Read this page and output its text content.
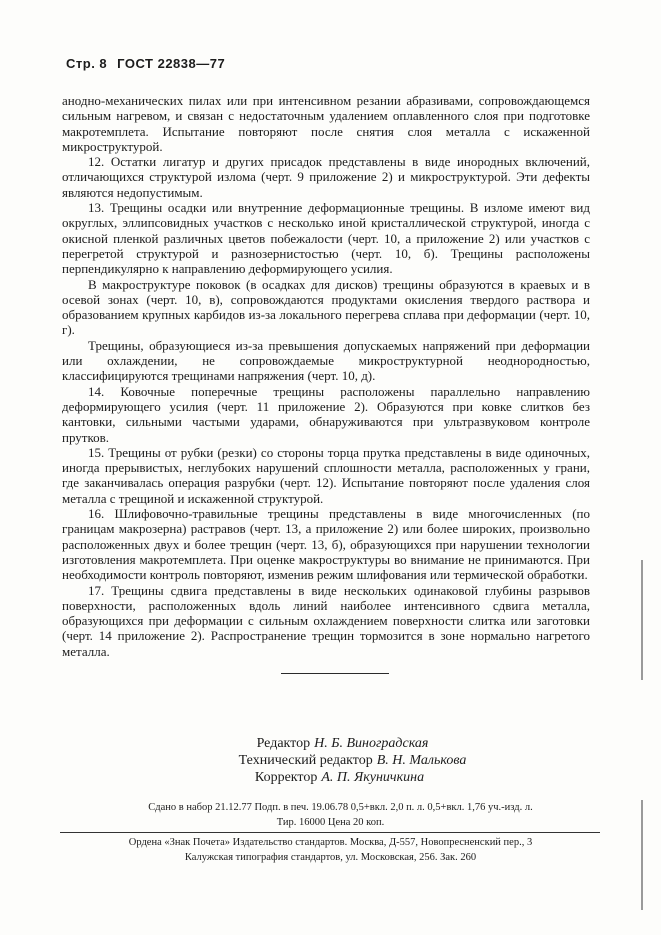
Стр. 8 ГОСТ 22838—77

анодно-механических пилах или при интенсивном резании абразивами, сопровождающемся сильным нагревом, и связан с недостаточным удалением оплавленного слоя при подготовке макротемплета. Испытание повторяют после снятия слоя металла с искаженной микроструктурой.

12. Остатки лигатур и других присадок представлены в виде инородных включений, отличающихся структурой излома (черт. 9 приложение 2) и микроструктурой. Эти дефекты являются недопустимым.

13. Трещины осадки или внутренние деформационные трещины. В изломе имеют вид округлых, эллипсовидных участков с несколько иной кристаллической структурой, иногда с окисной пленкой различных цветов побежалости (черт. 10, а приложение 2) или участков с перегретой структурой и разнозернистостью (черт. 10, б). Трещины расположены перпендикулярно к направлению деформирующего усилия.

В макроструктуре поковок (в осадках для дисков) трещины образуются в краевых и в осевой зонах (черт. 10, в), сопровождаются продуктами окисления твердого раствора и образованием крупных карбидов из-за локального перегрева сплава при деформации (черт. 10, г).

Трещины, образующиеся из-за превышения допускаемых напряжений при деформации или охлаждении, не сопровождаемые микроструктурной неоднородностью, классифицируются трещинами напряжения (черт. 10, д).

14. Ковочные поперечные трещины расположены параллельно направлению деформирующего усилия (черт. 11 приложение 2). Образуются при ковке слитков без кантовки, сильными частыми ударами, обнаруживаются при ультразвуковом контроле прутков.

15. Трещины от рубки (резки) со стороны торца прутка представлены в виде одиночных, иногда прерывистых, неглубоких нарушений сплошности металла, расположенных у грани, где заканчивалась операция разрубки (черт. 12). Испытание повторяют после удаления слоя металла с трещиной и искаженной структурой.

16. Шлифовочно-травильные трещины представлены в виде многочисленных (по границам макрозерна) растравов (черт. 13, а приложение 2) или более широких, произвольно расположенных двух и более трещин (черт. 13, б), образующихся при нарушении технологии изготовления макротемплета. При оценке макроструктуры во внимание не принимаются. При необходимости контроль повторяют, изменив режим шлифования или термической обработки.

17. Трещины сдвига представлены в виде нескольких одинаковой глубины разрывов поверхности, расположенных вдоль линий наиболее интенсивного сдвига металла, образующихся при деформации с сильным охлаждением поверхности слитка или заготовки (черт. 14 приложение 2). Распространение трещин тормозится в зоне нормально нагретого металла.

Редактор Н. Б. Виноградская
Технический редактор В. Н. Малькова
Корректор А. П. Якуничкина
Сдано в набор 21.12.77 Подп. в печ. 19.06.78 0,5+вкл. 2,0 п. л. 0,5+вкл. 1,76 уч.-изд. л.
Тир. 16000 Цена 20 коп.
Ордена «Знак Почета» Издательство стандартов. Москва, Д-557, Новопресненский пер., 3
Калужская типография стандартов, ул. Московская, 256. Зак. 260
